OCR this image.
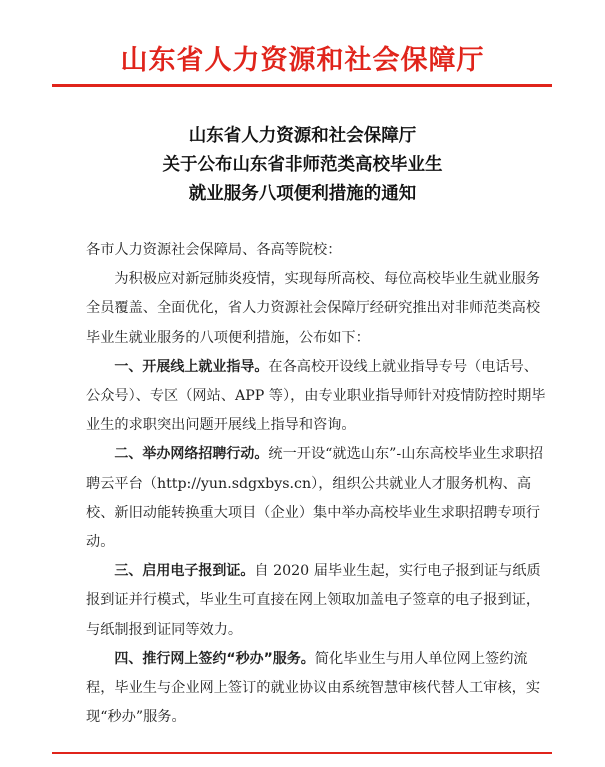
山东省人力资源和社会保障厅
山东省人力资源和社会保障厅
关于公布山东省非师范类高校毕业生
就业服务八项便利措施的通知

各市人力资源社会保障局、各高等院校：

为积极应对新冠肺炎疫情，实现每所高校、每位高校毕业生就业服务全员覆盖、全面优化，省人力资源社会保障厅经研究推出对非师范类高校毕业生就业服务的八项便利措施，公布如下：

一、开展线上就业指导。在各高校开设线上就业指导专号（电话号、公众号）、专区（网站、APP 等），由专业职业指导师针对疫情防控时期毕业生的求职突出问题开展线上指导和咨询。

二、举办网络招聘行动。统一开设“就选山东”-山东高校毕业生求职招聘云平台（http://yun.sdgxbys.cn），组织公共就业人才服务机构、高校、新旧动能转换重大项目（企业）集中举办高校毕业生求职招聘专项行动。

三、启用电子报到证。自 2020 届毕业生起，实行电子报到证与纸质报到证并行模式，毕业生可直接在网上领取加盖电子签章的电子报到证，与纸制报到证同等效力。

四、推行网上签约“秒办”服务。简化毕业生与用人单位网上签约流程，毕业生与企业网上签订的就业协议由系统智慧审核代替人工审核，实现“秒办”服务。
